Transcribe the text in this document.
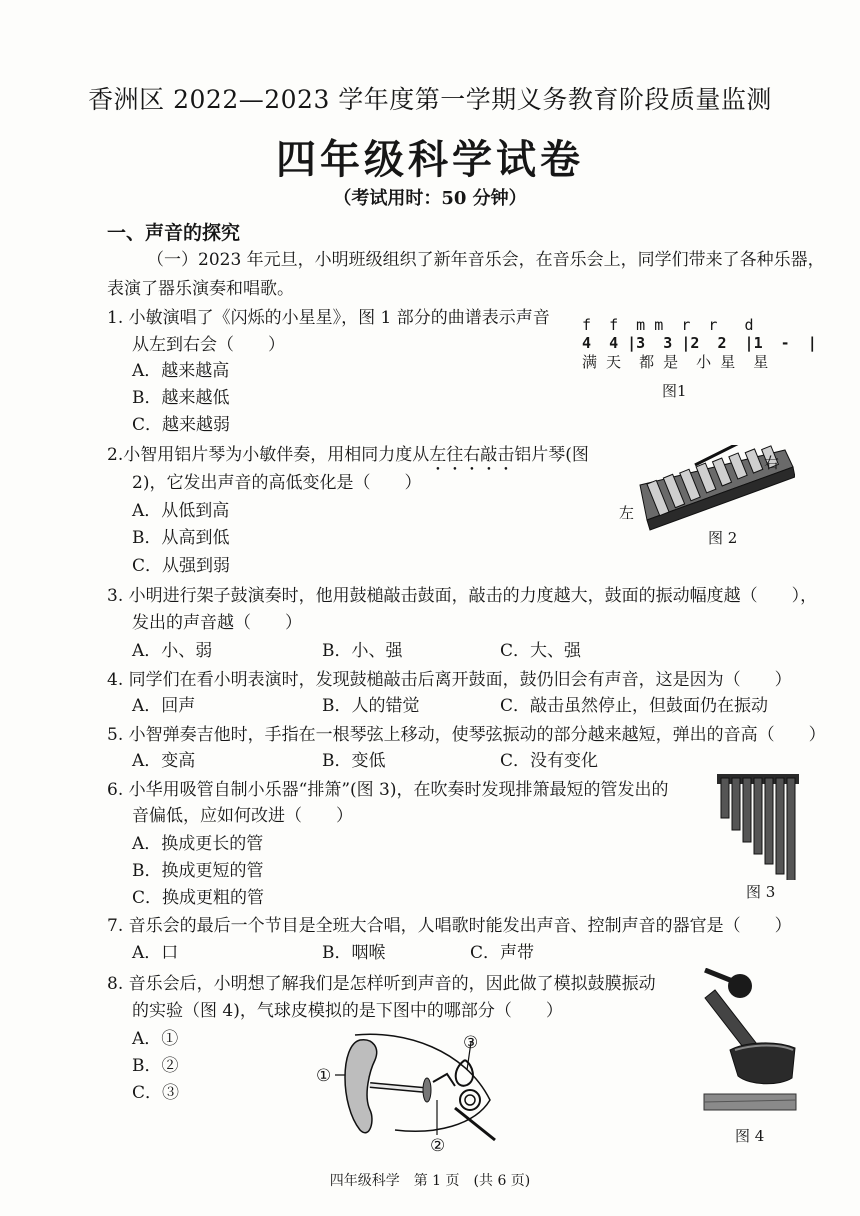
香洲区 2022—2023 学年度第一学期义务教育阶段质量监测
四年级科学试卷
（考试用时：50 分钟）
一、声音的探究
（一）2023 年元旦，小明班级组织了新年音乐会，在音乐会上，同学们带来了各种乐器，
表演了器乐演奏和唱歌。
1. 小敏演唱了《闪烁的小星星》，图 1 部分的曲谱表示声音
从左到右会（　　）
A．越来越高
B．越来越低
C．越来越弱
f  f  m m  r  r   d
4  4 |3  3 |2  2  |1  -  |
满 天  都 是  小 星  星
图1
2.小智用铝片琴为小敏伴奏，用相同力度从左往右敲击铝片琴(图
2)，它发出声音的高低变化是（　　）
A．从低到高
B．从高到低
C．从强到弱
右
左
图 2
3. 小明进行架子鼓演奏时，他用鼓槌敲击鼓面，敲击的力度越大，鼓面的振动幅度越（　　），
发出的声音越（　　）
A．小、弱	B．小、强	C．大、强
4. 同学们在看小明表演时，发现鼓槌敲击后离开鼓面，鼓仍旧会有声音，这是因为（　　）
A．回声	B．人的错觉	C．敲击虽然停止，但鼓面仍在振动
5. 小智弹奏吉他时，手指在一根琴弦上移动，使琴弦振动的部分越来越短，弹出的音高（　　）
A．变高	B．变低	C．没有变化
6. 小华用吸管自制小乐器“排箫”(图 3)，在吹奏时发现排箫最短的管发出的
音偏低，应如何改进（　　）
A．换成更长的管
B．换成更短的管
C．换成更粗的管	图 3
7. 音乐会的最后一个节目是全班大合唱，人唱歌时能发出声音、控制声音的器官是（　　）
A．口	B．咽喉	C．声带
8. 音乐会后，小明想了解我们是怎样听到声音的，因此做了模拟鼓膜振动
的实验（图 4)，气球皮模拟的是下图中的哪部分（　　）
A．①
B．②
C．③
①
②
③
图 4
四年级科学　第 1 页　(共 6 页)
